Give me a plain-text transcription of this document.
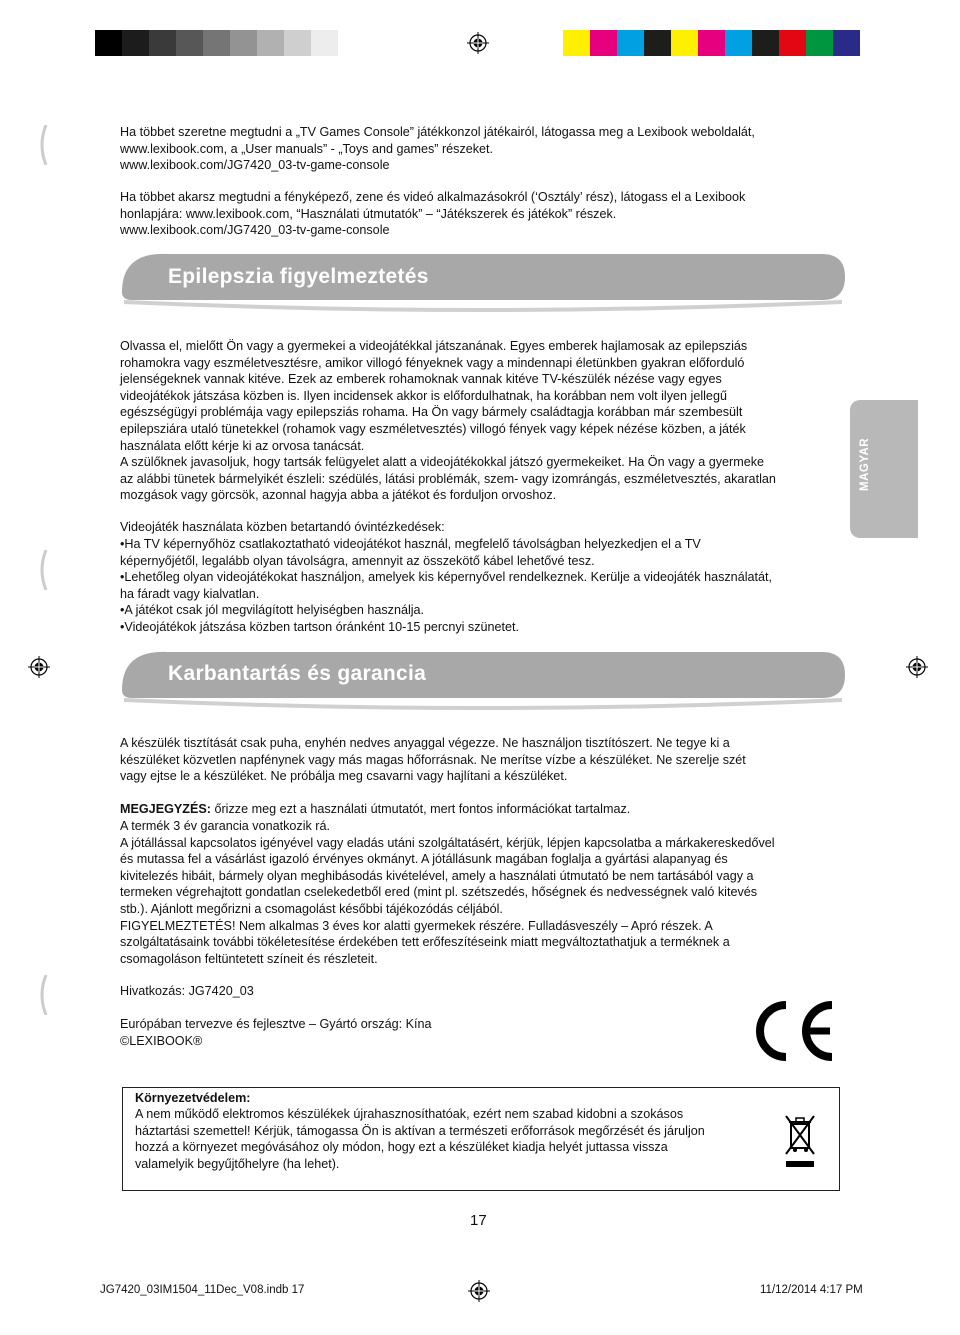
Ha többet szeretne megtudni a „TV Games Console” játékkonzol játékairól, látogassa meg a Lexibook weboldalát,
www.lexibook.com, a „User manuals” - „Toys and games” részeket.
www.lexibook.com/JG7420_03-tv-game-console
Ha többet akarsz megtudni a fényképező, zene és videó alkalmazásokról (‘Osztály’ rész), látogass el a Lexibook
honlapjára: www.lexibook.com, “Használati útmutatók” – “Játékszerek és játékok” részek.
www.lexibook.com/JG7420_03-tv-game-console
Epilepszia figyelmeztetés
Olvassa el, mielőtt Ön vagy a gyermekei a videojátékkal játszanának. Egyes emberek hajlamosak az epilepsziás
rohamokra vagy eszméletvesztésre, amikor villogó fényeknek vagy a mindennapi életünkben gyakran előforduló
jelenségeknek vannak kitéve. Ezek az emberek rohamoknak vannak kitéve TV-készülék nézése vagy egyes
videojátékok játszása közben is. Ilyen incidensek akkor is előfordulhatnak, ha korábban nem volt ilyen jellegű
egészségügyi problémája vagy epilepsziás rohama. Ha Ön vagy bármely családtagja korábban már szembesült
epilepsziára utaló tünetekkel (rohamok vagy eszméletvesztés) villogó fények vagy képek nézése közben, a játék
használata előtt kérje ki az orvosa tanácsát.
A szülőknek javasoljuk, hogy tartsák felügyelet alatt a videojátékokkal játszó gyermekeiket. Ha Ön vagy a gyermeke
az alábbi tünetek bármelyikét észleli: szédülés, látási problémák, szem- vagy izomrángás, eszméletvesztés, akaratlan
mozgások vagy görcsök, azonnal hagyja abba a játékot és forduljon orvoshoz.
Videojáték használata közben betartandó óvintézkedések:
• Ha TV képernyőhöz csatlakoztatható videojátékot használ, megfelelő távolságban helyezkedjen el a TV
képernyőjétől, legalább olyan távolságra, amennyit az összekötő kábel lehetővé tesz.
• Lehetőleg olyan videojátékokat használjon, amelyek kis képernyővel rendelkeznek. Kerülje a videojáték használatát,
ha fáradt vagy kialvatlan.
• A játékot csak jól megvilágított helyiségben használja.
• Videojátékok játszása közben tartson óránként 10-15 percnyi szünetet.
MAGYAR
Karbantartás és garancia
A készülék tisztítását csak puha, enyhén nedves anyaggal végezze. Ne használjon tisztítószert. Ne tegye ki a
készüléket közvetlen napfénynek vagy más magas hőforrásnak. Ne merítse vízbe a készüléket. Ne szerelje szét
vagy ejtse le a készüléket. Ne próbálja meg csavarni vagy hajlítani a készüléket.
MEGJEGYZÉS: őrizze meg ezt a használati útmutatót, mert fontos információkat tartalmaz.
A termék 3 év garancia vonatkozik rá.
A jótállással kapcsolatos igényével vagy eladás utáni szolgáltatásért, kérjük, lépjen kapcsolatba a márkakereskedővel
és mutassa fel a vásárlást igazoló érvényes okmányt. A jótállásunk magában foglalja a gyártási alapanyag és
kivitelezés hibáit, bármely olyan meghibásodás kivételével, amely a használati útmutató be nem tartásából vagy a
termeken végrehajtott gondatlan cselekedetből ered (mint pl. szétszedés, hőségnek és nedvességnek való kitevés
stb.). Ajánlott megőrizni a csomagolást későbbi tájékozódás céljából.
FIGYELMEZTETÉS! Nem alkalmas 3 éves kor alatti gyermekek részére. Fulladásveszély – Apró részek. A
szolgáltatásaink további tökéletesítése érdekében tett erőfeszítéseink miatt megváltoztathatjuk a terméknek a
csomagoláson feltüntetett színeit és részleteit.
Hivatkozás: JG7420_03
Európában tervezve és fejlesztve – Gyártó ország: Kína
©LEXIBOOK®
Környezetvédelem:
A nem működő elektromos készülékek újrahasznosíthatóak, ezért nem szabad kidobni a szokásos
háztartási szemettel! Kérjük, támogassa Ön is aktívan a természeti erőforrások megőrzését és járuljon
hozzá a környezet megóvásához oly módon, hogy ezt a készüléket kiadja helyét juttassa vissza
valamelyik begyűjtőhelyre (ha lehet).
17
JG7420_03IM1504_11Dec_V08.indb 17	11/12/2014 4:17 PM
